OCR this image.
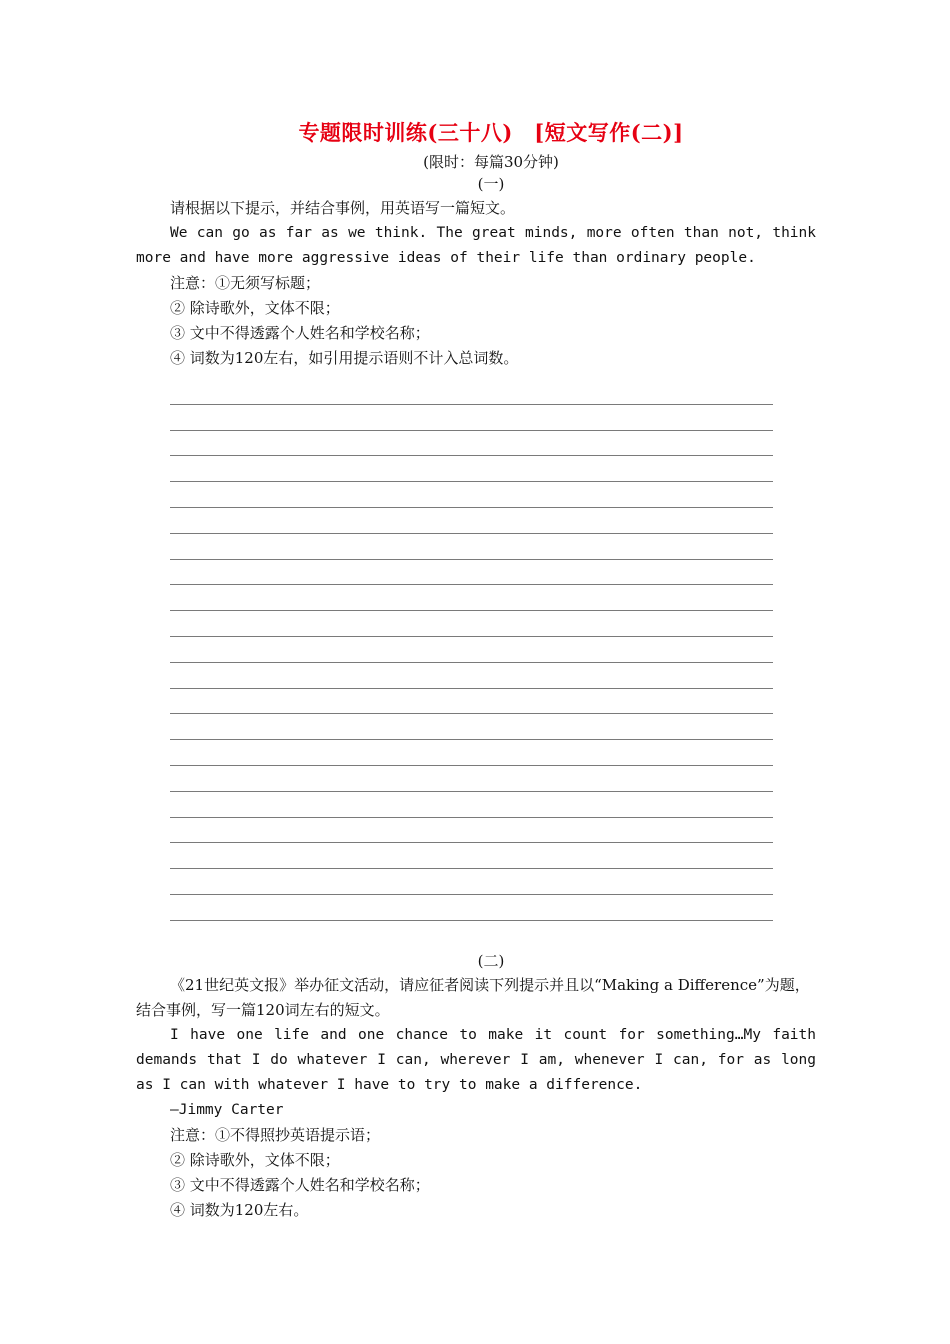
专题限时训练(三十八)　[短文写作(二)]
(限时：每篇30分钟)
(一)

请根据以下提示，并结合事例，用英语写一篇短文。

We can go as far as we think. The great minds, more often than not, think more and have more aggressive ideas of their life than ordinary people.

注意：①无须写标题；

② 除诗歌外，文体不限；

③ 文中不得透露个人姓名和学校名称；

④ 词数为120左右，如引用提示语则不计入总词数。

(二)

《21世纪英文报》举办征文活动，请应征者阅读下列提示并且以“Making a Difference”为题，结合事例，写一篇120词左右的短文。

I have one life and one chance to make it count for something…My faith demands that I do whatever I can, wherever I am, whenever I can, for as long as I can with whatever I have to try to make a difference.

—Jimmy Carter

注意：①不得照抄英语提示语；

② 除诗歌外，文体不限；

③ 文中不得透露个人姓名和学校名称；

④ 词数为120左右。
